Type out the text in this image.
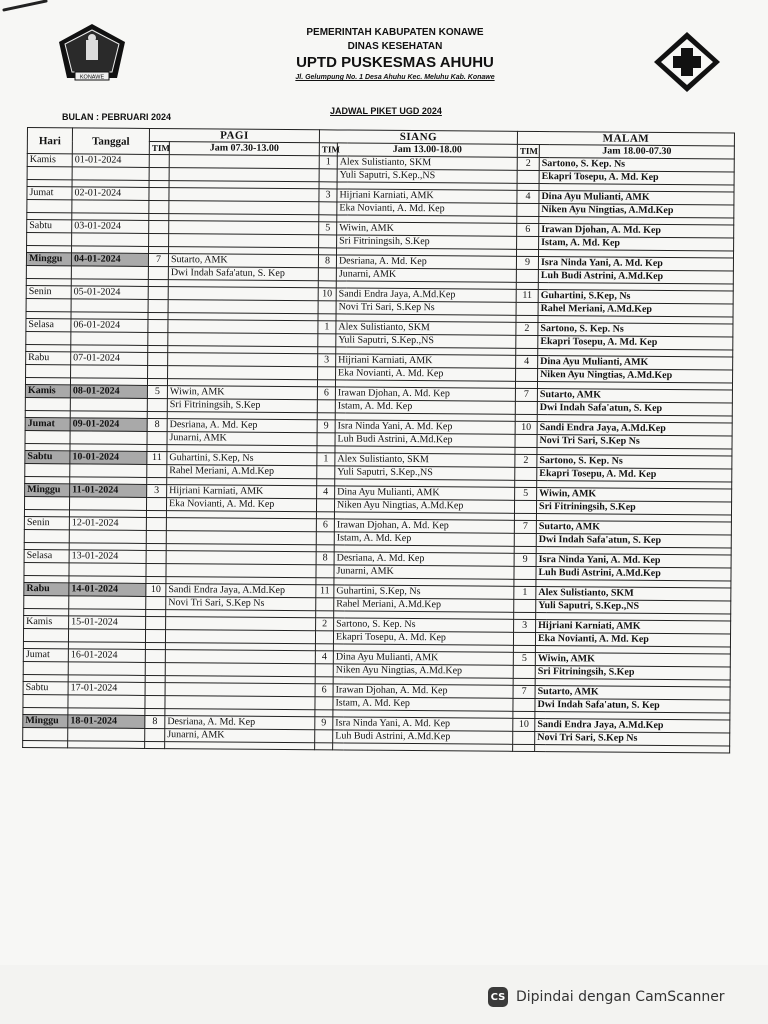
KONAWE
PEMERINTAH KABUPATEN KONAWE
DINAS KESEHATAN
UPTD PUSKESMAS AHUHU
Jl. Gelumpung No. 1 Desa Ahuhu Kec. Meluhu Kab. Konawe
JADWAL PIKET UGD 2024
BULAN : PEBRUARI 2024
Hari	Tanggal	PAGI		SIANG		MALAM	
		TIM	Jam 07.30-13.00	TIM	Jam 13.00-18.00	TIM	Jam 18.00-07.30
Kamis	01-01-2024			1	Alex Sulistianto, SKM	2	Sartono, S. Kep. Ns
					Yuli Saputri, S.Kep.,NS		Ekapri Tosepu, A. Md. Kep

Jumat	02-01-2024			3	Hijriani Karniati, AMK	4	Dina Ayu Mulianti, AMK
					Eka Novianti, A. Md. Kep		Niken Ayu Ningtias, A.Md.Kep

Sabtu	03-01-2024			5	Wiwin, AMK	6	Irawan Djohan, A. Md. Kep
					Sri Fitriningsih, S.Kep		Istam, A. Md. Kep

Minggu	04-01-2024	7	Sutarto, AMK	8	Desriana, A. Md. Kep	9	Isra Ninda Yani, A. Md. Kep
			Dwi Indah Safa'atun, S. Kep		Junarni, AMK		Luh Budi Astrini, A.Md.Kep

Senin	05-01-2024			10	Sandi Endra Jaya, A.Md.Kep	11	Guhartini, S.Kep, Ns
					Novi Tri Sari, S.Kep Ns		Rahel Meriani, A.Md.Kep

Selasa	06-01-2024			1	Alex Sulistianto, SKM	2	Sartono, S. Kep. Ns
					Yuli Saputri, S.Kep.,NS		Ekapri Tosepu, A. Md. Kep

Rabu	07-01-2024			3	Hijriani Karniati, AMK	4	Dina Ayu Mulianti, AMK
					Eka Novianti, A. Md. Kep		Niken Ayu Ningtias, A.Md.Kep

Kamis	08-01-2024	5	Wiwin, AMK	6	Irawan Djohan, A. Md. Kep	7	Sutarto, AMK
			Sri Fitriningsih, S.Kep		Istam, A. Md. Kep		Dwi Indah Safa'atun, S. Kep

Jumat	09-01-2024	8	Desriana, A. Md. Kep	9	Isra Ninda Yani, A. Md. Kep	10	Sandi Endra Jaya, A.Md.Kep
			Junarni, AMK		Luh Budi Astrini, A.Md.Kep		Novi Tri Sari, S.Kep Ns

Sabtu	10-01-2024	11	Guhartini, S.Kep, Ns	1	Alex Sulistianto, SKM	2	Sartono, S. Kep. Ns
			Rahel Meriani, A.Md.Kep		Yuli Saputri, S.Kep.,NS		Ekapri Tosepu, A. Md. Kep

Minggu	11-01-2024	3	Hijriani Karniati, AMK	4	Dina Ayu Mulianti, AMK	5	Wiwin, AMK
			Eka Novianti, A. Md. Kep		Niken Ayu Ningtias, A.Md.Kep		Sri Fitriningsih, S.Kep

Senin	12-01-2024			6	Irawan Djohan, A. Md. Kep	7	Sutarto, AMK
					Istam, A. Md. Kep		Dwi Indah Safa'atun, S. Kep

Selasa	13-01-2024			8	Desriana, A. Md. Kep	9	Isra Ninda Yani, A. Md. Kep
					Junarni, AMK		Luh Budi Astrini, A.Md.Kep

Rabu	14-01-2024	10	Sandi Endra Jaya, A.Md.Kep	11	Guhartini, S.Kep, Ns	1	Alex Sulistianto, SKM
			Novi Tri Sari, S.Kep Ns		Rahel Meriani, A.Md.Kep		Yuli Saputri, S.Kep.,NS

Kamis	15-01-2024			2	Sartono, S. Kep. Ns	3	Hijriani Karniati, AMK
					Ekapri Tosepu, A. Md. Kep		Eka Novianti, A. Md. Kep

Jumat	16-01-2024			4	Dina Ayu Mulianti, AMK	5	Wiwin, AMK
					Niken Ayu Ningtias, A.Md.Kep		Sri Fitriningsih, S.Kep

Sabtu	17-01-2024			6	Irawan Djohan, A. Md. Kep	7	Sutarto, AMK
					Istam, A. Md. Kep		Dwi Indah Safa'atun, S. Kep

Minggu	18-01-2024	8	Desriana, A. Md. Kep	9	Isra Ninda Yani, A. Md. Kep	10	Sandi Endra Jaya, A.Md.Kep
			Junarni, AMK		Luh Budi Astrini, A.Md.Kep		Novi Tri Sari, S.Kep Ns

CS Dipindai dengan CamScanner
